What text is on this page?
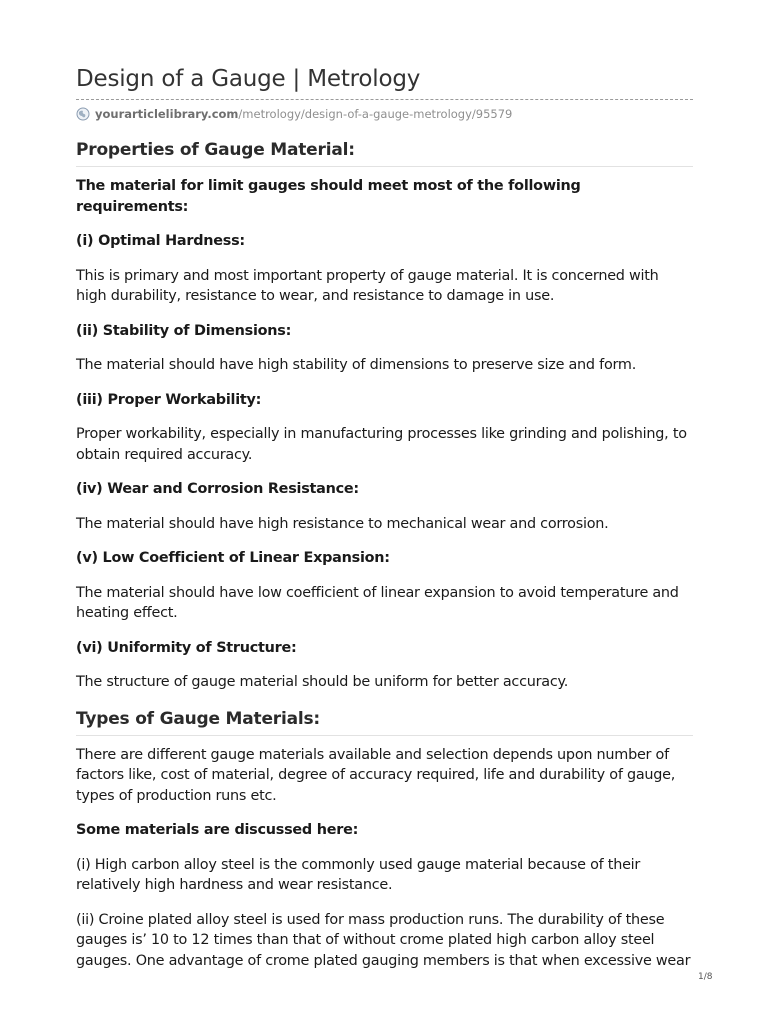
Design of a Gauge | Metrology
yourarticlelibrary.com /metrology/design-of-a-gauge-metrology/95579
Properties of Gauge Material:

The material for limit gauges should meet most of the following requirements:

(i) Optimal Hardness:

This is primary and most important property of gauge material. It is concerned with high durability, resistance to wear, and resistance to damage in use.

(ii) Stability of Dimensions:

The material should have high stability of dimensions to preserve size and form.

(iii) Proper Workability:

Proper workability, especially in manufacturing processes like grinding and polishing, to obtain required accuracy.

(iv) Wear and Corrosion Resistance:

The material should have high resistance to mechanical wear and corrosion.

(v) Low Coefficient of Linear Expansion:

The material should have low coefficient of linear expansion to avoid temperature and heating effect.

(vi) Uniformity of Structure:

The structure of gauge material should be uniform for better accuracy.

Types of Gauge Materials:

There are different gauge materials available and selection depends upon number of factors like, cost of material, degree of accuracy required, life and durability of gauge, types of production runs etc.

Some materials are discussed here:

(i) High carbon alloy steel is the commonly used gauge material because of their relatively high hardness and wear resistance.

(ii) Croine plated alloy steel is used for mass production runs. The durability of these gauges is’ 10 to 12 times than that of without crome plated high carbon alloy steel gauges. One advantage of crome plated gauging members is that when excessive wear

1/8
